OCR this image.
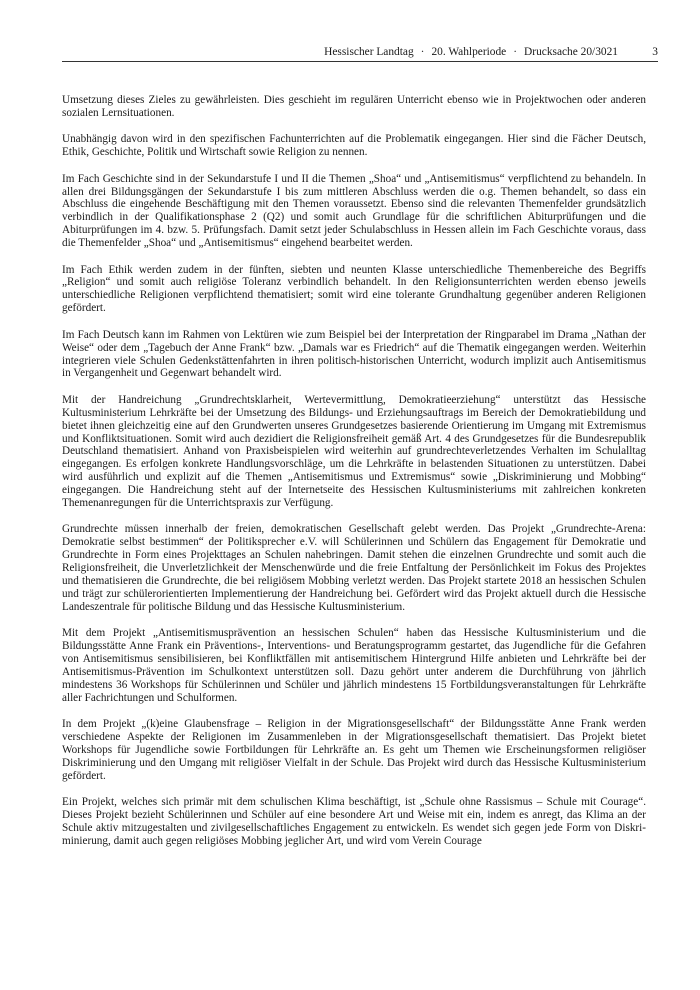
Hessischer Landtag · 20. Wahlperiode · Drucksache 20/3021	3

Umsetzung dieses Zieles zu gewährleisten. Dies geschieht im regulären Unterricht ebenso wie in Projektwochen oder anderen sozialen Lernsituationen.

Unabhängig davon wird in den spezifischen Fachunterrichten auf die Problematik eingegangen. Hier sind die Fächer Deutsch, Ethik, Geschichte, Politik und Wirtschaft sowie Religion zu nennen.

Im Fach Geschichte sind in der Sekundarstufe I und II die Themen „Shoa“ und „Antisemitismus“ verpflichtend zu behandeln. In allen drei Bildungsgängen der Sekundarstufe I bis zum mittleren Abschluss werden die o.g. Themen behandelt, so dass ein Abschluss die eingehende Beschäftigung mit den Themen voraussetzt. Ebenso sind die relevanten Themenfelder grundsätzlich verbindlich in der Qualifikationsphase 2 (Q2) und somit auch Grundlage für die schriftlichen Abiturprüfungen und die Abiturprüfungen im 4. bzw. 5. Prüfungsfach. Damit setzt jeder Schulabschluss in Hessen allein im Fach Geschichte voraus, dass die Themenfelder „Shoa“ und „Antisemitismus“ eingehend bearbeitet werden.

Im Fach Ethik werden zudem in der fünften, siebten und neunten Klasse unterschiedliche Themenbereiche des Begriffs „Religion“ und somit auch religiöse Toleranz verbindlich behandelt. In den Religionsunterrichten werden ebenso jeweils unterschiedliche Religionen verpflichtend thematisiert; somit wird eine tolerante Grundhaltung gegenüber anderen Religionen gefördert.

Im Fach Deutsch kann im Rahmen von Lektüren wie zum Beispiel bei der Interpretation der Ringparabel im Drama „Nathan der Weise“ oder dem „Tagebuch der Anne Frank“ bzw. „Damals war es Friedrich“ auf die Thematik eingegangen werden. Weiterhin integrieren viele Schulen Gedenkstättenfahrten in ihren politisch-historischen Unterricht, wodurch implizit auch Antisemitismus in Vergangenheit und Gegenwart behandelt wird.

Mit der Handreichung „Grundrechtsklarheit, Wertevermittlung, Demokratieerziehung“ unterstützt das Hessische Kultusministerium Lehrkräfte bei der Umsetzung des Bildungs- und Erziehungsauftrags im Bereich der Demokratiebildung und bietet ihnen gleichzeitig eine auf den Grundwerten unseres Grundgesetzes basierende Orientierung im Umgang mit Extremismus und Konfliktsituationen. Somit wird auch dezidiert die Religionsfreiheit gemäß Art. 4 des Grundgesetzes für die Bundesrepublik Deutschland thematisiert. Anhand von Praxisbeispielen wird weiterhin auf grundrechteverletzendes Verhalten im Schulalltag eingegangen. Es erfolgen konkrete Handlungsvorschläge, um die Lehrkräfte in belastenden Situationen zu unterstützen. Dabei wird ausführlich und explizit auf die Themen „Antisemitismus und Extremismus“ sowie „Diskriminierung und Mobbing“ eingegangen. Die Handreichung steht auf der Internetseite des Hessischen Kultusministeriums mit zahlreichen konkreten Themenanregungen für die Unterrichtspraxis zur Verfügung.

Grundrechte müssen innerhalb der freien, demokratischen Gesellschaft gelebt werden. Das Projekt „Grundrechte-Arena: Demokratie selbst bestimmen“ der Politiksprecher e.V. will Schülerinnen und Schülern das Engagement für Demokratie und Grundrechte in Form eines Projekttages an Schulen nahebringen. Damit stehen die einzelnen Grundrechte und somit auch die Religionsfreiheit, die Unverletzlichkeit der Menschenwürde und die freie Entfaltung der Persönlichkeit im Fokus des Projektes und thematisieren die Grundrechte, die bei religiösem Mobbing verletzt werden. Das Projekt startete 2018 an hessischen Schulen und trägt zur schülerorientierten Implementierung der Handreichung bei. Gefördert wird das Projekt aktuell durch die Hessische Landeszentrale für politische Bildung und das Hessische Kultusministerium.

Mit dem Projekt „Antisemitismusprävention an hessischen Schulen“ haben das Hessische Kultusministerium und die Bildungsstätte Anne Frank ein Präventions-, Interventions- und Beratungsprogramm gestartet, das Jugendliche für die Gefahren von Antisemitismus sensibilisieren, bei Konfliktfällen mit antisemitischem Hintergrund Hilfe anbieten und Lehrkräfte bei der Antisemitismus-Prävention im Schulkontext unterstützen soll. Dazu gehört unter anderem die Durchführung von jährlich mindestens 36 Workshops für Schülerinnen und Schüler und jährlich mindestens 15 Fortbildungsveranstaltungen für Lehrkräfte aller Fachrichtungen und Schulformen.

In dem Projekt „(k)eine Glaubensfrage – Religion in der Migrationsgesellschaft“ der Bildungsstätte Anne Frank werden verschiedene Aspekte der Religionen im Zusammenleben in der Migrationsgesellschaft thematisiert. Das Projekt bietet Workshops für Jugendliche sowie Fortbildungen für Lehrkräfte an. Es geht um Themen wie Erscheinungsformen religiöser Diskriminierung und den Umgang mit religiöser Vielfalt in der Schule. Das Projekt wird durch das Hessische Kultusministerium gefördert.

Ein Projekt, welches sich primär mit dem schulischen Klima beschäftigt, ist „Schule ohne Rassismus – Schule mit Courage“. Dieses Projekt bezieht Schülerinnen und Schüler auf eine besondere Art und Weise mit ein, indem es anregt, das Klima an der Schule aktiv mitzugestalten und zivilgesellschaftliches Engagement zu entwickeln. Es wendet sich gegen jede Form von Diskriminierung, damit auch gegen religiöses Mobbing jeglicher Art, und wird vom Verein Courage
